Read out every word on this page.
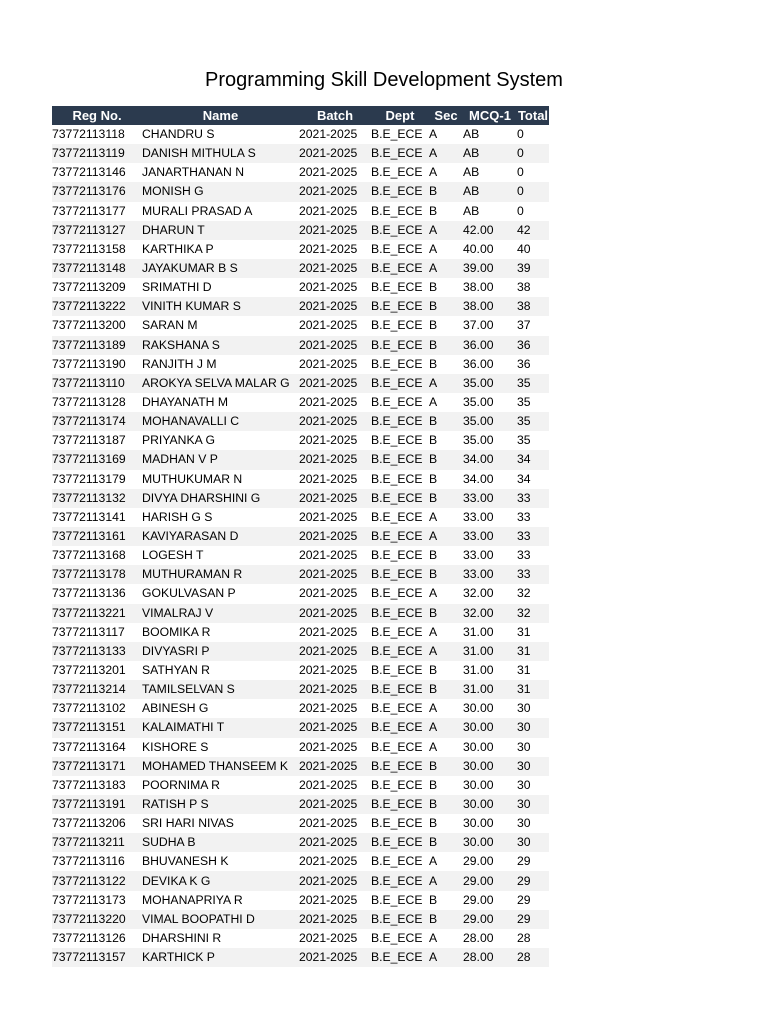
Programming Skill Development System
Reg No.	Name	Batch	Dept	Sec	MCQ-1	Total
73772113118	CHANDRU S	2021-2025	B.E_ECE	A	AB	0
73772113119	DANISH MITHULA S	2021-2025	B.E_ECE	A	AB	0
73772113146	JANARTHANAN N	2021-2025	B.E_ECE	A	AB	0
73772113176	MONISH G	2021-2025	B.E_ECE	B	AB	0
73772113177	MURALI PRASAD A	2021-2025	B.E_ECE	B	AB	0
73772113127	DHARUN T	2021-2025	B.E_ECE	A	42.00	42
73772113158	KARTHIKA P	2021-2025	B.E_ECE	A	40.00	40
73772113148	JAYAKUMAR B S	2021-2025	B.E_ECE	A	39.00	39
73772113209	SRIMATHI D	2021-2025	B.E_ECE	B	38.00	38
73772113222	VINITH KUMAR S	2021-2025	B.E_ECE	B	38.00	38
73772113200	SARAN M	2021-2025	B.E_ECE	B	37.00	37
73772113189	RAKSHANA S	2021-2025	B.E_ECE	B	36.00	36
73772113190	RANJITH J M	2021-2025	B.E_ECE	B	36.00	36
73772113110	AROKYA SELVA MALAR G	2021-2025	B.E_ECE	A	35.00	35
73772113128	DHAYANATH M	2021-2025	B.E_ECE	A	35.00	35
73772113174	MOHANAVALLI C	2021-2025	B.E_ECE	B	35.00	35
73772113187	PRIYANKA G	2021-2025	B.E_ECE	B	35.00	35
73772113169	MADHAN V P	2021-2025	B.E_ECE	B	34.00	34
73772113179	MUTHUKUMAR N	2021-2025	B.E_ECE	B	34.00	34
73772113132	DIVYA DHARSHINI G	2021-2025	B.E_ECE	B	33.00	33
73772113141	HARISH G S	2021-2025	B.E_ECE	A	33.00	33
73772113161	KAVIYARASAN D	2021-2025	B.E_ECE	A	33.00	33
73772113168	LOGESH T	2021-2025	B.E_ECE	B	33.00	33
73772113178	MUTHURAMAN R	2021-2025	B.E_ECE	B	33.00	33
73772113136	GOKULVASAN P	2021-2025	B.E_ECE	A	32.00	32
73772113221	VIMALRAJ V	2021-2025	B.E_ECE	B	32.00	32
73772113117	BOOMIKA R	2021-2025	B.E_ECE	A	31.00	31
73772113133	DIVYASRI P	2021-2025	B.E_ECE	A	31.00	31
73772113201	SATHYAN R	2021-2025	B.E_ECE	B	31.00	31
73772113214	TAMILSELVAN S	2021-2025	B.E_ECE	B	31.00	31
73772113102	ABINESH G	2021-2025	B.E_ECE	A	30.00	30
73772113151	KALAIMATHI T	2021-2025	B.E_ECE	A	30.00	30
73772113164	KISHORE S	2021-2025	B.E_ECE	A	30.00	30
73772113171	MOHAMED THANSEEM K	2021-2025	B.E_ECE	B	30.00	30
73772113183	POORNIMA R	2021-2025	B.E_ECE	B	30.00	30
73772113191	RATISH P S	2021-2025	B.E_ECE	B	30.00	30
73772113206	SRI HARI NIVAS	2021-2025	B.E_ECE	B	30.00	30
73772113211	SUDHA B	2021-2025	B.E_ECE	B	30.00	30
73772113116	BHUVANESH K	2021-2025	B.E_ECE	A	29.00	29
73772113122	DEVIKA K G	2021-2025	B.E_ECE	A	29.00	29
73772113173	MOHANAPRIYA R	2021-2025	B.E_ECE	B	29.00	29
73772113220	VIMAL BOOPATHI D	2021-2025	B.E_ECE	B	29.00	29
73772113126	DHARSHINI R	2021-2025	B.E_ECE	A	28.00	28
73772113157	KARTHICK P	2021-2025	B.E_ECE	A	28.00	28
